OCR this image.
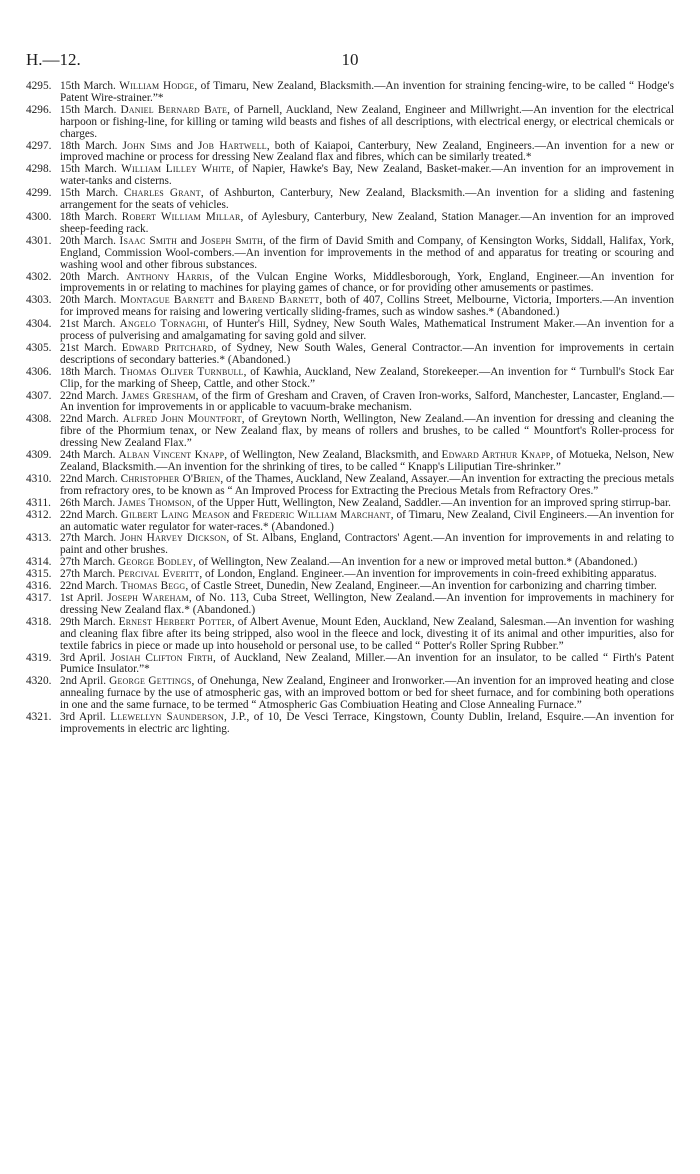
H.—12.	10

4295. 15th March. William Hodge, of Timaru, New Zealand, Blacksmith.—An invention for straining fencing-wire, to be called “ Hodge's Patent Wire-strainer.”*

4296. 15th March. Daniel Bernard Bate, of Parnell, Auckland, New Zealand, Engineer and Millwright.—An invention for the electrical harpoon or fishing-line, for killing or taming wild beasts and fishes of all descriptions, with electrical energy, or electrical chemicals or charges.

4297. 18th March. John Sims and Job Hartwell, both of Kaiapoi, Canterbury, New Zealand, Engineers.—An invention for a new or improved machine or process for dressing New Zealand flax and fibres, which can be similarly treated.*

4298. 15th March. William Lilley White, of Napier, Hawke's Bay, New Zealand, Basket-maker.—An invention for an improvement in water-tanks and cisterns.

4299. 15th March. Charles Grant, of Ashburton, Canterbury, New Zealand, Blacksmith.—An invention for a sliding and fastening arrangement for the seats of vehicles.

4300. 18th March. Robert William Millar, of Aylesbury, Canterbury, New Zealand, Station Manager.—An invention for an improved sheep-feeding rack.

4301. 20th March. Isaac Smith and Joseph Smith, of the firm of David Smith and Company, of Kensington Works, Siddall, Halifax, York, England, Commission Wool-combers.—An invention for improvements in the method of and apparatus for treating or scouring and washing wool and other fibrous substances.

4302. 20th March. Anthony Harris, of the Vulcan Engine Works, Middlesborough, York, England, Engineer.—An invention for improvements in or relating to machines for playing games of chance, or for providing other amusements or pastimes.

4303. 20th March. Montague Barnett and Barend Barnett, both of 407, Collins Street, Melbourne, Victoria, Importers.—An invention for improved means for raising and lowering vertically sliding-frames, such as window sashes.* (Abandoned.)

4304. 21st March. Angelo Tornaghi, of Hunter's Hill, Sydney, New South Wales, Mathematical Instrument Maker.—An invention for a process of pulverising and amalgamating for saving gold and silver.

4305. 21st March. Edward Pritchard, of Sydney, New South Wales, General Contractor.—An invention for improvements in certain descriptions of secondary batteries.* (Abandoned.)

4306. 18th March. Thomas Oliver Turnbull, of Kawhia, Auckland, New Zealand, Storekeeper.—An invention for “ Turnbull's Stock Ear Clip, for the marking of Sheep, Cattle, and other Stock.”

4307. 22nd March. James Gresham, of the firm of Gresham and Craven, of Craven Iron-works, Salford, Manchester, Lancaster, England.—An invention for improvements in or applicable to vacuum-brake mechanism.

4308. 22nd March. Alfred John Mountfort, of Greytown North, Wellington, New Zealand.—An invention for dressing and cleaning the fibre of the Phormium tenax, or New Zealand flax, by means of rollers and brushes, to be called “ Mountfort's Roller-process for dressing New Zealand Flax.”

4309. 24th March. Alban Vincent Knapp, of Wellington, New Zealand, Blacksmith, and Edward Arthur Knapp, of Motueka, Nelson, New Zealand, Blacksmith.—An invention for the shrinking of tires, to be called “ Knapp's Liliputian Tire-shrinker.”

4310. 22nd March. Christopher O'Brien, of the Thames, Auckland, New Zealand, Assayer.—An invention for extracting the precious metals from refractory ores, to be known as “ An Improved Process for Extracting the Precious Metals from Refractory Ores.”

4311. 26th March. James Thomson, of the Upper Hutt, Wellington, New Zealand, Saddler.—An invention for an improved spring stirrup-bar.

4312. 22nd March. Gilbert Laing Meason and Frederic William Marchant, of Timaru, New Zealand, Civil Engineers.—An invention for an automatic water regulator for water-races.* (Abandoned.)

4313. 27th March. John Harvey Dickson, of St. Albans, England, Contractors' Agent.—An invention for improvements in and relating to paint and other brushes.

4314. 27th March. George Bodley, of Wellington, New Zealand.—An invention for a new or improved metal button.* (Abandoned.)

4315. 27th March. Percival Everitt, of London, England. Engineer.—An invention for improvements in coin-freed exhibiting apparatus.

4316. 22nd March. Thomas Begg, of Castle Street, Dunedin, New Zealand, Engineer.—An invention for carbonizing and charring timber.

4317. 1st April. Joseph Wareham, of No. 113, Cuba Street, Wellington, New Zealand.—An invention for improvements in machinery for dressing New Zealand flax.* (Abandoned.)

4318. 29th March. Ernest Herbert Potter, of Albert Avenue, Mount Eden, Auckland, New Zealand, Salesman.—An invention for washing and cleaning flax fibre after its being stripped, also wool in the fleece and lock, divesting it of its animal and other impurities, also for textile fabrics in piece or made up into household or personal use, to be called “ Potter's Roller Spring Rubber.”

4319. 3rd April. Josiah Clifton Firth, of Auckland, New Zealand, Miller.—An invention for an insulator, to be called “ Firth's Patent Pumice Insulator.”*

4320. 2nd April. George Gettings, of Onehunga, New Zealand, Engineer and Ironworker.—An invention for an improved heating and close annealing furnace by the use of atmospheric gas, with an improved bottom or bed for sheet furnace, and for combining both operations in one and the same furnace, to be termed “ Atmospheric Gas Combiuation Heating and Close Annealing Furnace.”

4321. 3rd April. Llewellyn Saunderson, J.P., of 10, De Vesci Terrace, Kingstown, County Dublin, Ireland, Esquire.—An invention for improvements in electric arc lighting.
